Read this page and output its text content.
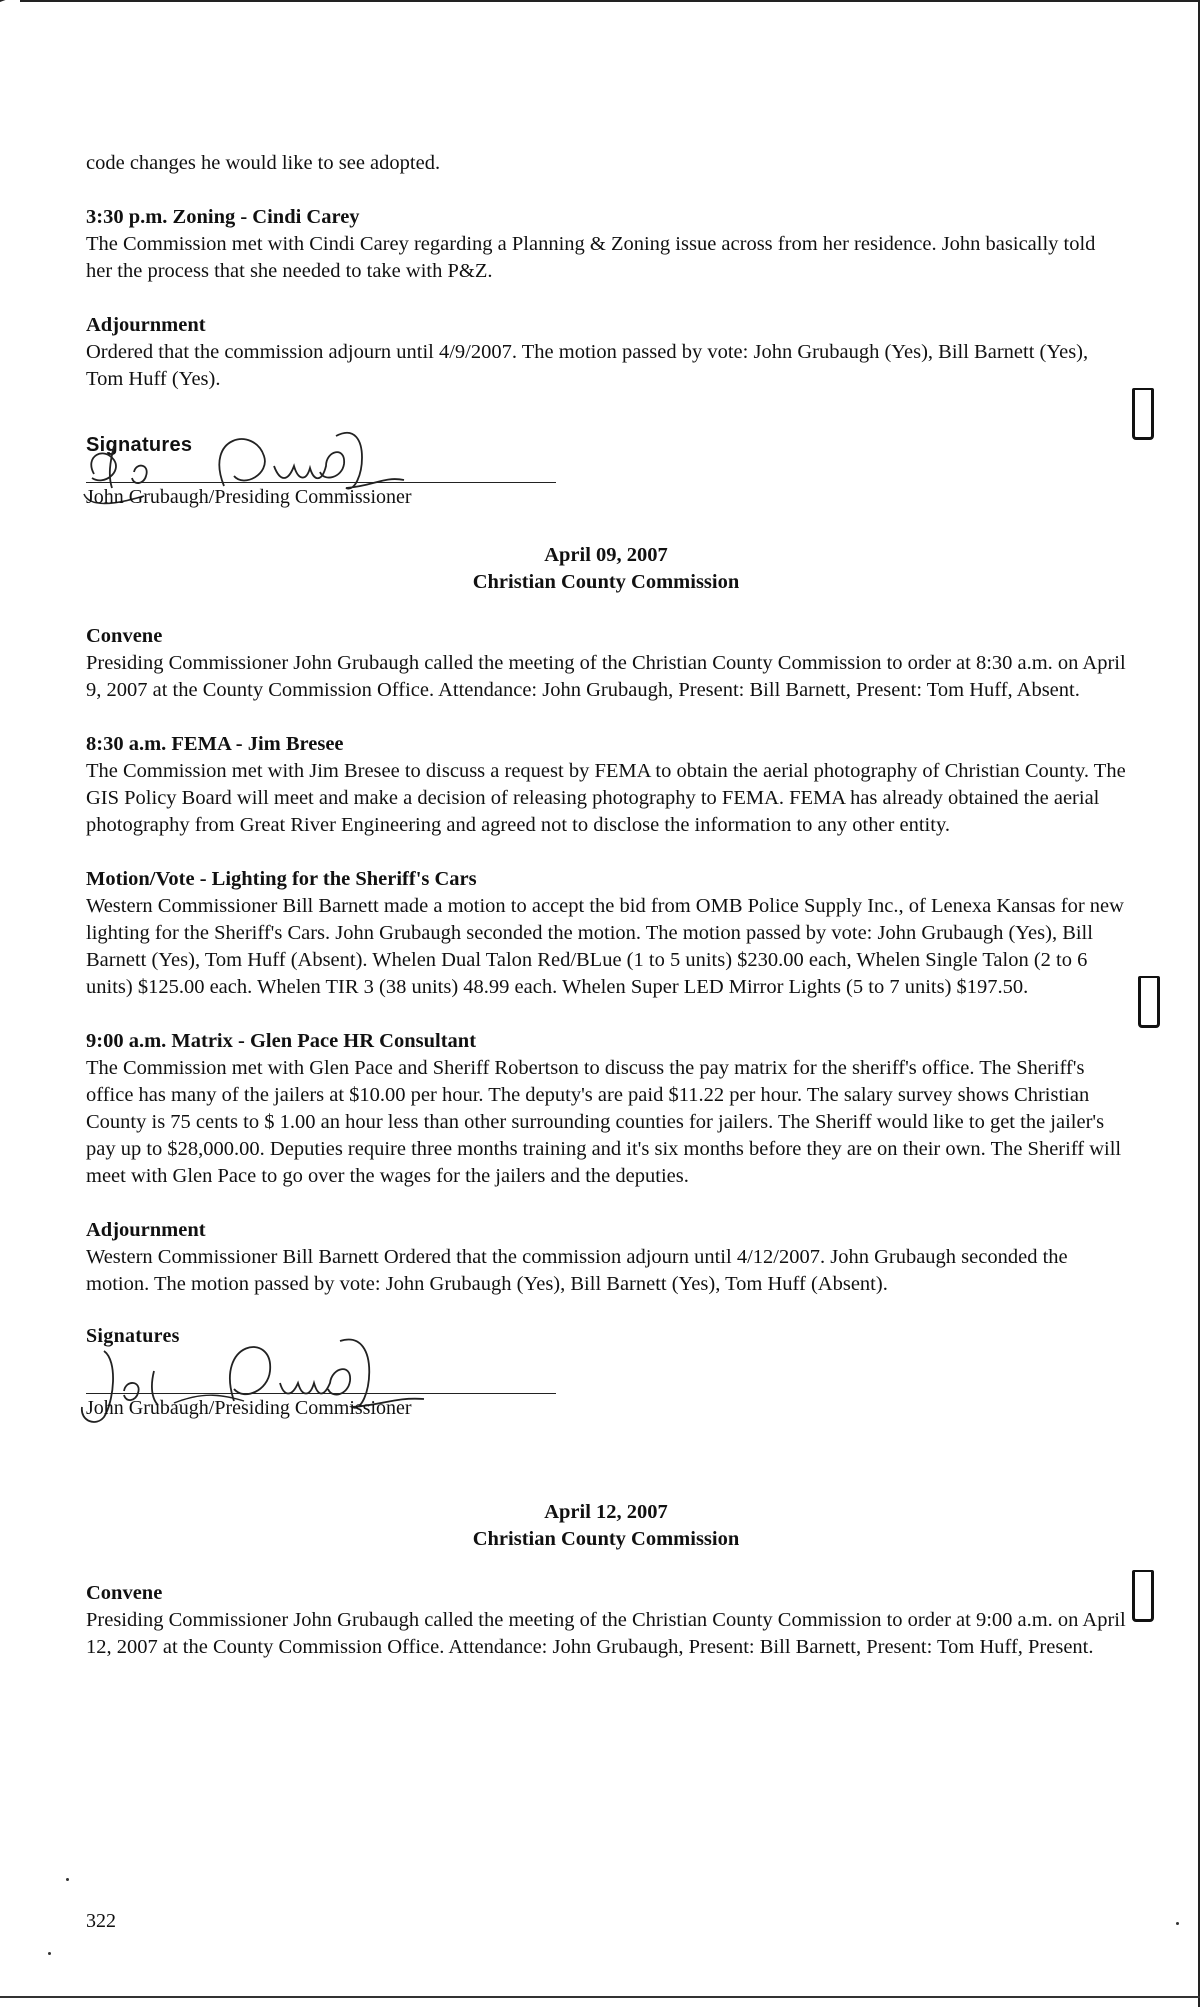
code changes he would like to see adopted.

3:30 p.m. Zoning - Cindi Carey

The Commission met with Cindi Carey regarding a Planning & Zoning issue across from her residence. John basically told her the process that she needed to take with P&Z.

Adjournment

Ordered that the commission adjourn until 4/9/2007. The motion passed by vote: John Grubaugh (Yes), Bill Barnett (Yes), Tom Huff (Yes).

Signatures
John Grubaugh/Presiding Commissioner

April 09, 2007

Christian County Commission

Convene

Presiding Commissioner John Grubaugh called the meeting of the Christian County Commission to order at 8:30 a.m. on April 9, 2007 at the County Commission Office. Attendance: John Grubaugh, Present: Bill Barnett, Present: Tom Huff, Absent.

8:30 a.m. FEMA - Jim Bresee

The Commission met with Jim Bresee to discuss a request by FEMA to obtain the aerial photography of Christian County. The GIS Policy Board will meet and make a decision of releasing photography to FEMA. FEMA has already obtained the aerial photography from Great River Engineering and agreed not to disclose the information to any other entity.

Motion/Vote - Lighting for the Sheriff's Cars

Western Commissioner Bill Barnett made a motion to accept the bid from OMB Police Supply Inc., of Lenexa Kansas for new lighting for the Sheriff's Cars. John Grubaugh seconded the motion. The motion passed by vote: John Grubaugh (Yes), Bill Barnett (Yes), Tom Huff (Absent). Whelen Dual Talon Red/BLue (1 to 5 units) $230.00 each, Whelen Single Talon (2 to 6 units) $125.00 each. Whelen TIR 3 (38 units) 48.99 each. Whelen Super LED Mirror Lights (5 to 7 units) $197.50.

9:00 a.m. Matrix - Glen Pace HR Consultant

The Commission met with Glen Pace and Sheriff Robertson to discuss the pay matrix for the sheriff's office. The Sheriff's office has many of the jailers at $10.00 per hour. The deputy's are paid $11.22 per hour. The salary survey shows Christian County is 75 cents to $ 1.00 an hour less than other surrounding counties for jailers. The Sheriff would like to get the jailer's pay up to $28,000.00. Deputies require three months training and it's six months before they are on their own. The Sheriff will meet with Glen Pace to go over the wages for the jailers and the deputies.

Adjournment

Western Commissioner Bill Barnett Ordered that the commission adjourn until 4/12/2007. John Grubaugh seconded the motion. The motion passed by vote: John Grubaugh (Yes), Bill Barnett (Yes), Tom Huff (Absent).

Signatures
John Grubaugh/Presiding Commissioner

April 12, 2007

Christian County Commission

Convene

Presiding Commissioner John Grubaugh called the meeting of the Christian County Commission to order at 9:00 a.m. on April 12, 2007 at the County Commission Office. Attendance: John Grubaugh, Present: Bill Barnett, Present: Tom Huff, Present.

322
